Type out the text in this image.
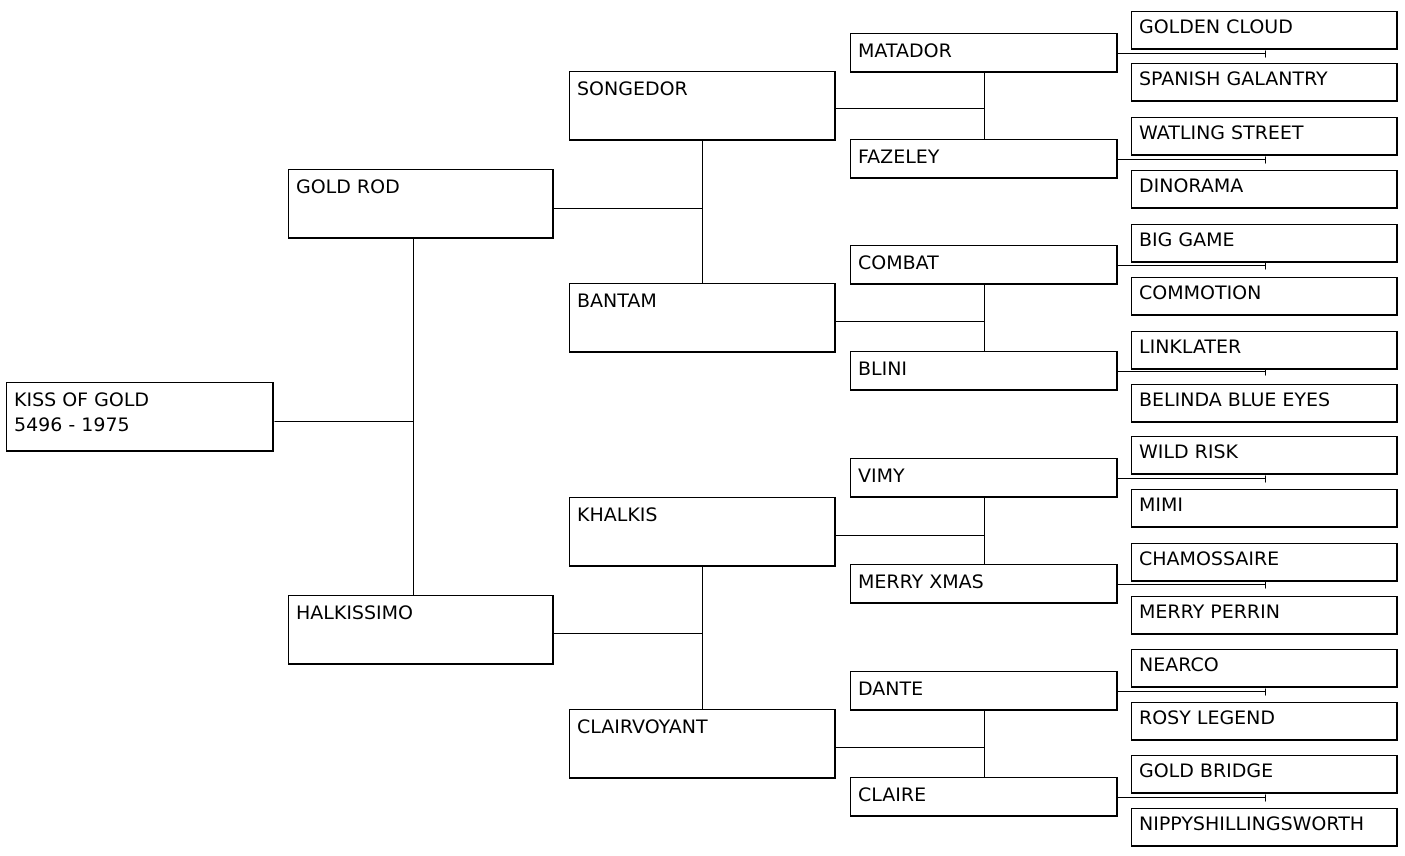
KISS OF GOLD
5496 - 1975
GOLD ROD
HALKISSIMO
SONGEDOR
BANTAM
KHALKIS
CLAIRVOYANT
MATADOR
FAZELEY
COMBAT
BLINI
VIMY
MERRY XMAS
DANTE
CLAIRE
GOLDEN CLOUD
SPANISH GALANTRY
WATLING STREET
DINORAMA
BIG GAME
COMMOTION
LINKLATER
BELINDA BLUE EYES
WILD RISK
MIMI
CHAMOSSAIRE
MERRY PERRIN
NEARCO
ROSY LEGEND
GOLD BRIDGE
NIPPYSHILLINGSWORTH
